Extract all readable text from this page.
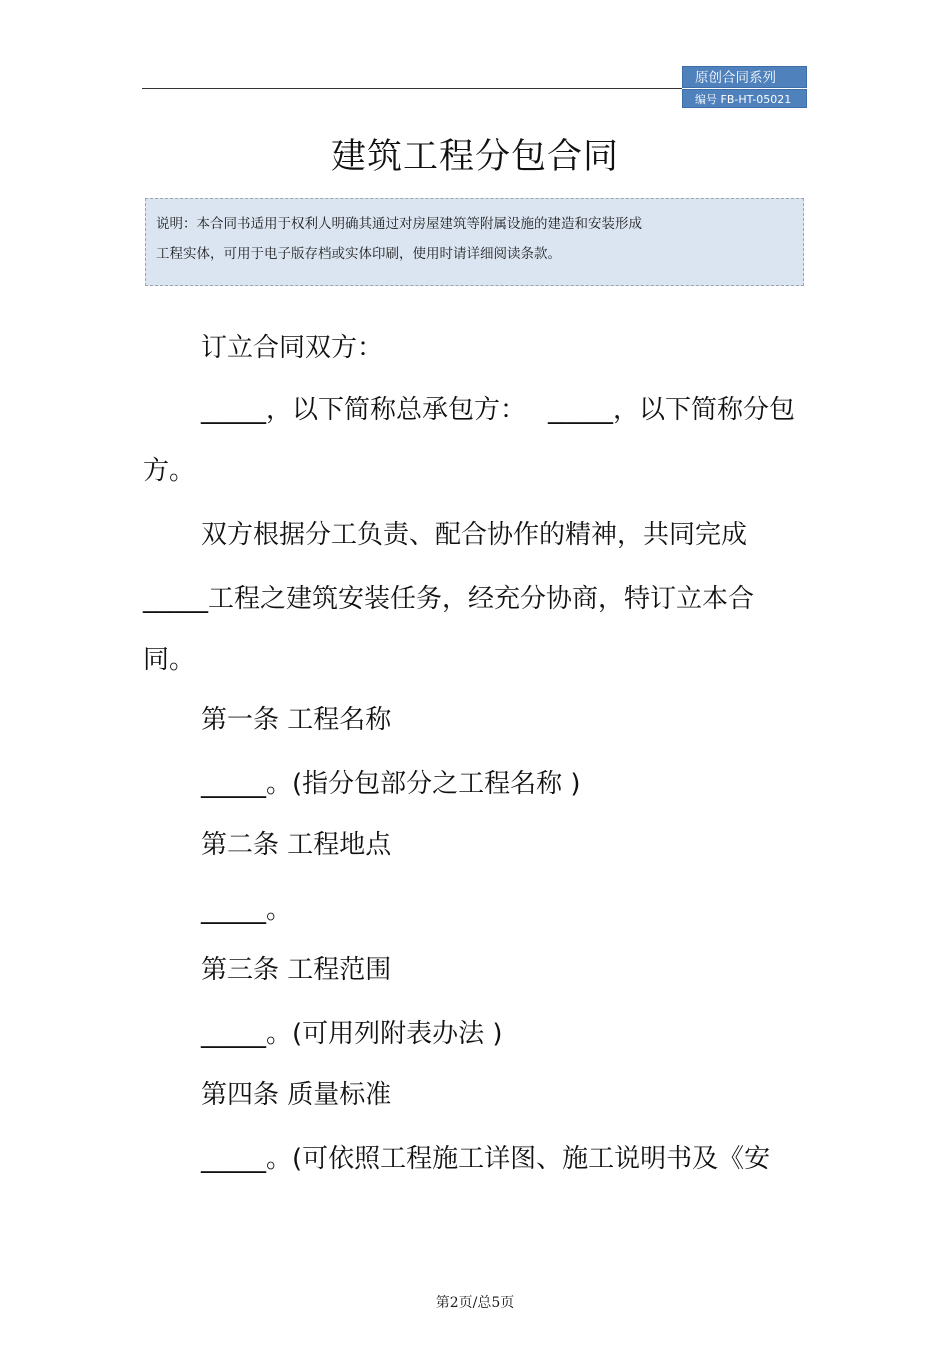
原创合同系列
编号 FB-HT-05021
建筑工程分包合同

说明：本合同书适用于权利人明确其通过对房屋建筑等附属设施的建造和安装形成

工程实体，可用于电子版存档或实体印刷，使用时请详细阅读条款。

订立合同双方：
_____，以下简称总承包方： _____，以下简称分包
方。
双方根据分工负责、配合协作的精神，共同完成
_____工程之建筑安装任务，经充分协商，特订立本合
同。
第一条 工程名称
_____。(指分包部分之工程名称 )
第二条 工程地点
_____。
第三条 工程范围
_____。(可用列附表办法 )
第四条 质量标准
_____。(可依照工程施工详图、施工说明书及《安
第2页/总5页
